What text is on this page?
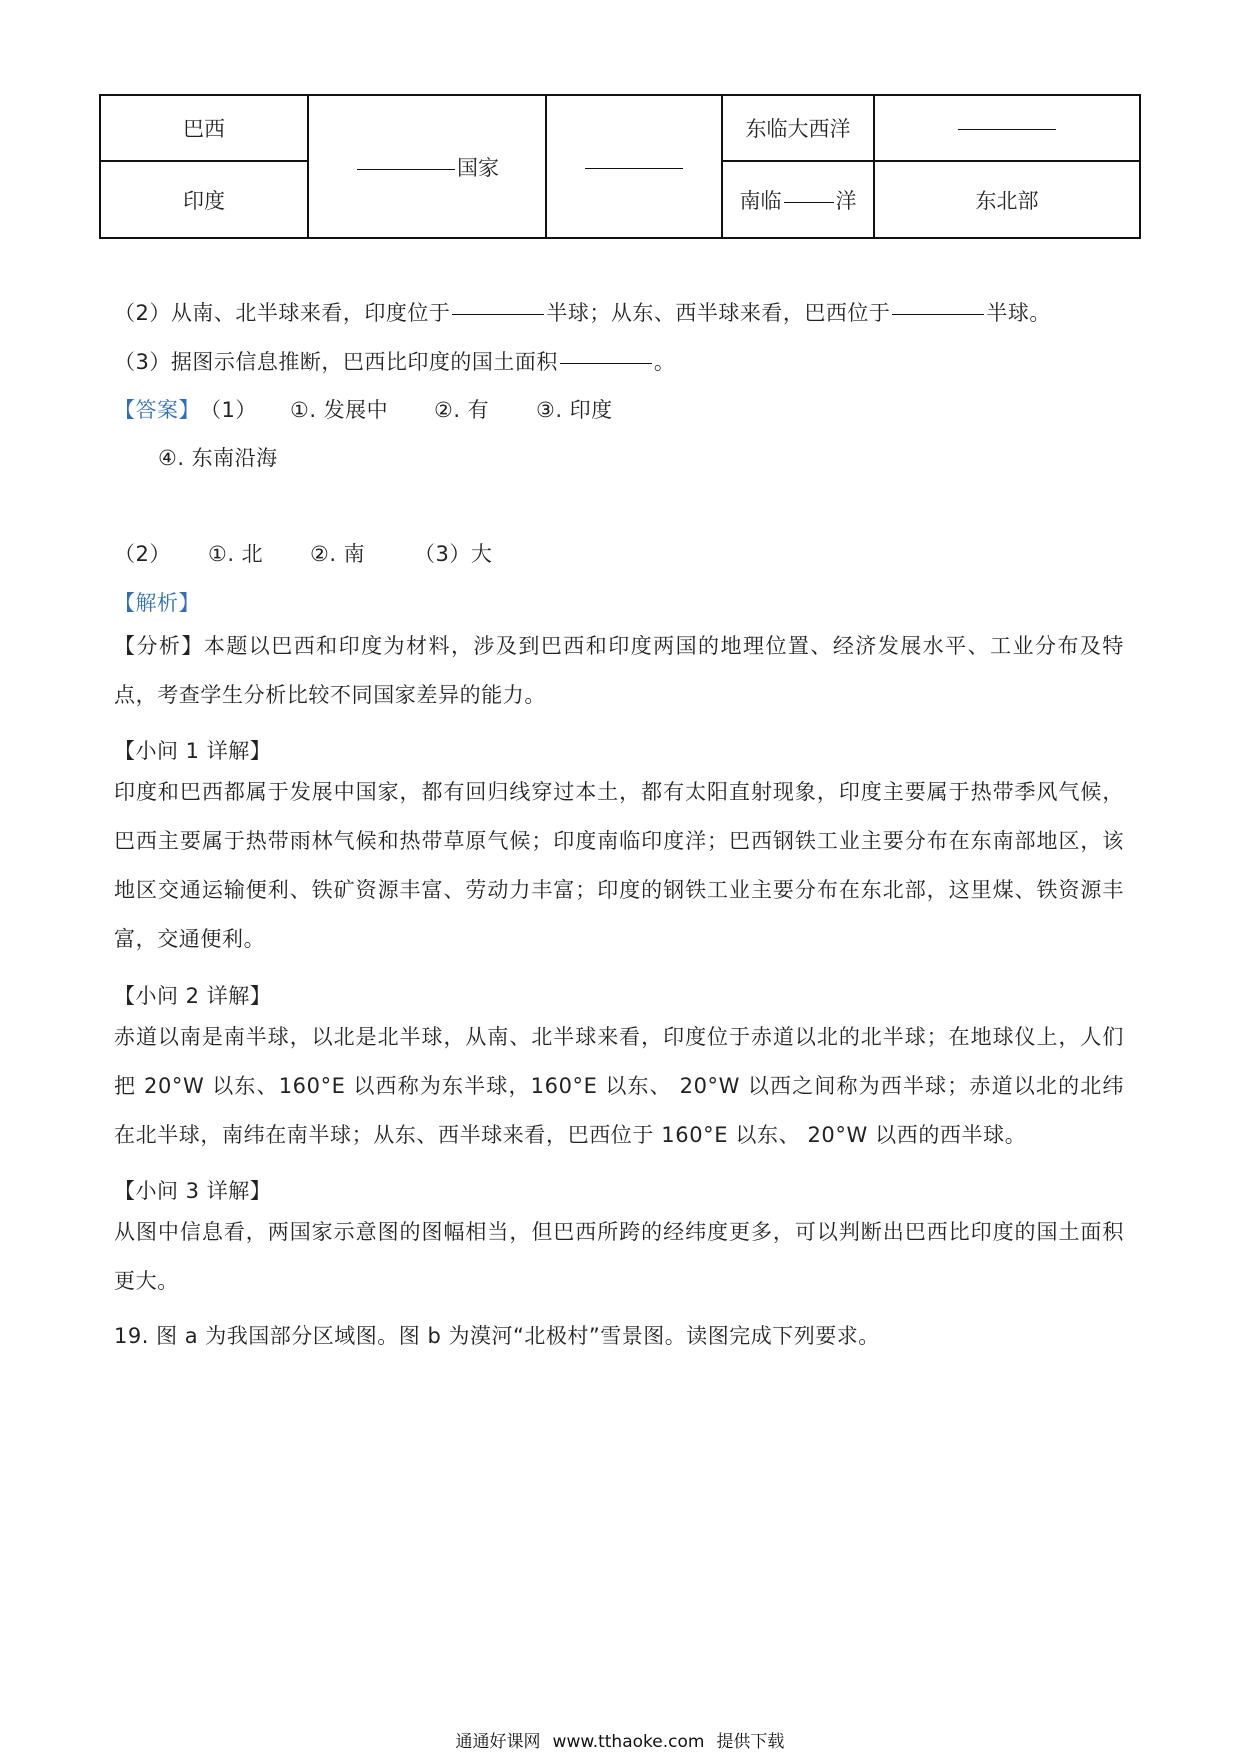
巴西	国家		东临大西洋	
印度			南临 洋	东北部
（2）从南、北半球来看，印度位于	半球；从东、西半球来看，巴西位于	半球。
（3）据图示信息推断，巴西比印度的国土面积	。
【答案】（1） ①. 发展中 ②. 有 ③. 印度
④. 东南沿海
（2） ①. 北 ②. 南 （3）大
【解析】
【分析】本题以巴西和印度为材料，涉及到巴西和印度两国的地理位置、经济发展水平、工业分布及特点，考查学生分析比较不同国家差异的能力。
【小问 1 详解】
印度和巴西都属于发展中国家，都有回归线穿过本土，都有太阳直射现象，印度主要属于热带季风气候，巴西主要属于热带雨林气候和热带草原气候；印度南临印度洋；巴西钢铁工业主要分布在东南部地区，该地区交通运输便利、铁矿资源丰富、劳动力丰富；印度的钢铁工业主要分布在东北部，这里煤、铁资源丰富，交通便利。
【小问 2 详解】
赤道以南是南半球，以北是北半球，从南、北半球来看，印度位于赤道以北的北半球；在地球仪上，人们把 20°W 以东、160°E 以西称为东半球，160°E 以东、 20°W 以西之间称为西半球；赤道以北的北纬在北半球，南纬在南半球；从东、西半球来看，巴西位于 160°E 以东、 20°W 以西的西半球。
【小问 3 详解】
从图中信息看，两国家示意图的图幅相当，但巴西所跨的经纬度更多，可以判断出巴西比印度的国土面积更大。
19. 图 a 为我国部分区域图。图 b 为漠河“北极村”雪景图。读图完成下列要求。
通通好课网 www.tthaoke.com 提供下载
